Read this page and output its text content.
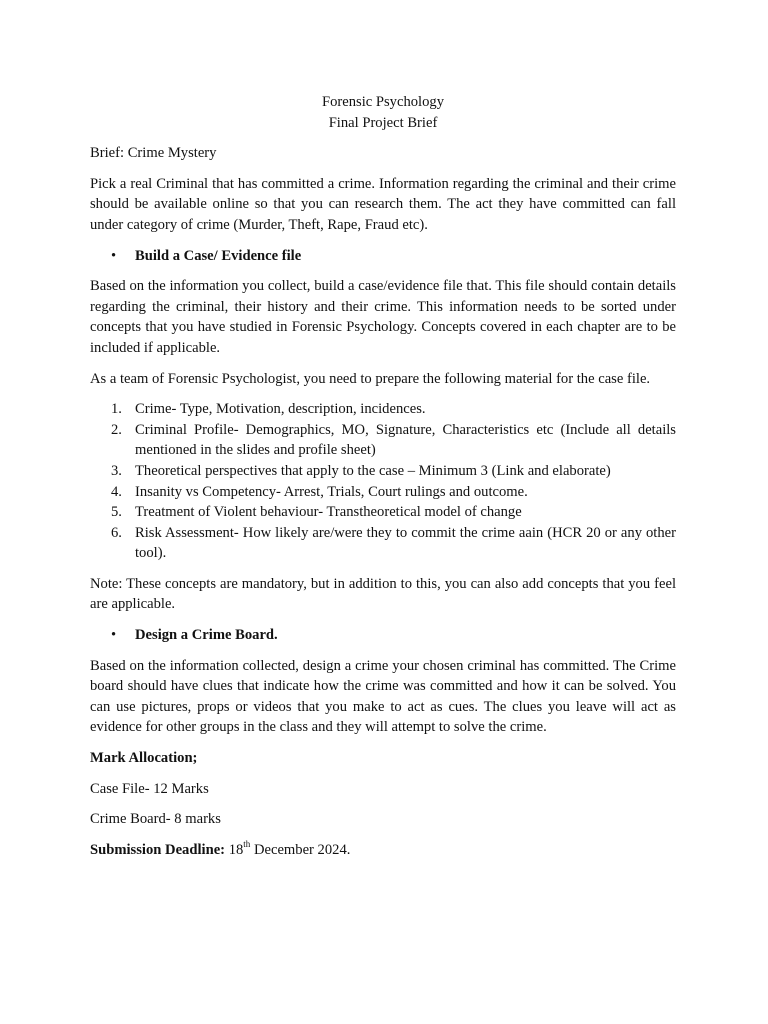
Forensic Psychology
Final Project Brief

Brief: Crime Mystery

Pick a real Criminal that has committed a crime. Information regarding the criminal and their crime should be available online so that you can research them. The act they have committed can fall under category of crime (Murder, Theft, Rape, Fraud etc).

• Build a Case/ Evidence file

Based on the information you collect, build a case/evidence file that. This file should contain details regarding the criminal, their history and their crime. This information needs to be sorted under concepts that you have studied in Forensic Psychology. Concepts covered in each chapter are to be included if applicable.

As a team of Forensic Psychologist, you need to prepare the following material for the case file.

1. Crime- Type, Motivation, description, incidences.
2. Criminal Profile- Demographics, MO, Signature, Characteristics etc (Include all details mentioned in the slides and profile sheet)
3. Theoretical perspectives that apply to the case – Minimum 3 (Link and elaborate)
4. Insanity vs Competency- Arrest, Trials, Court rulings and outcome.
5. Treatment of Violent behaviour- Transtheoretical model of change
6. Risk Assessment- How likely are/were they to commit the crime aain (HCR 20 or any other tool).

Note: These concepts are mandatory, but in addition to this, you can also add concepts that you feel are applicable.

• Design a Crime Board.

Based on the information collected, design a crime your chosen criminal has committed. The Crime board should have clues that indicate how the crime was committed and how it can be solved. You can use pictures, props or videos that you make to act as cues. The clues you leave will act as evidence for other groups in the class and they will attempt to solve the crime.

Mark Allocation;

Case File- 12 Marks

Crime Board- 8 marks

Submission Deadline: 18th December 2024.
